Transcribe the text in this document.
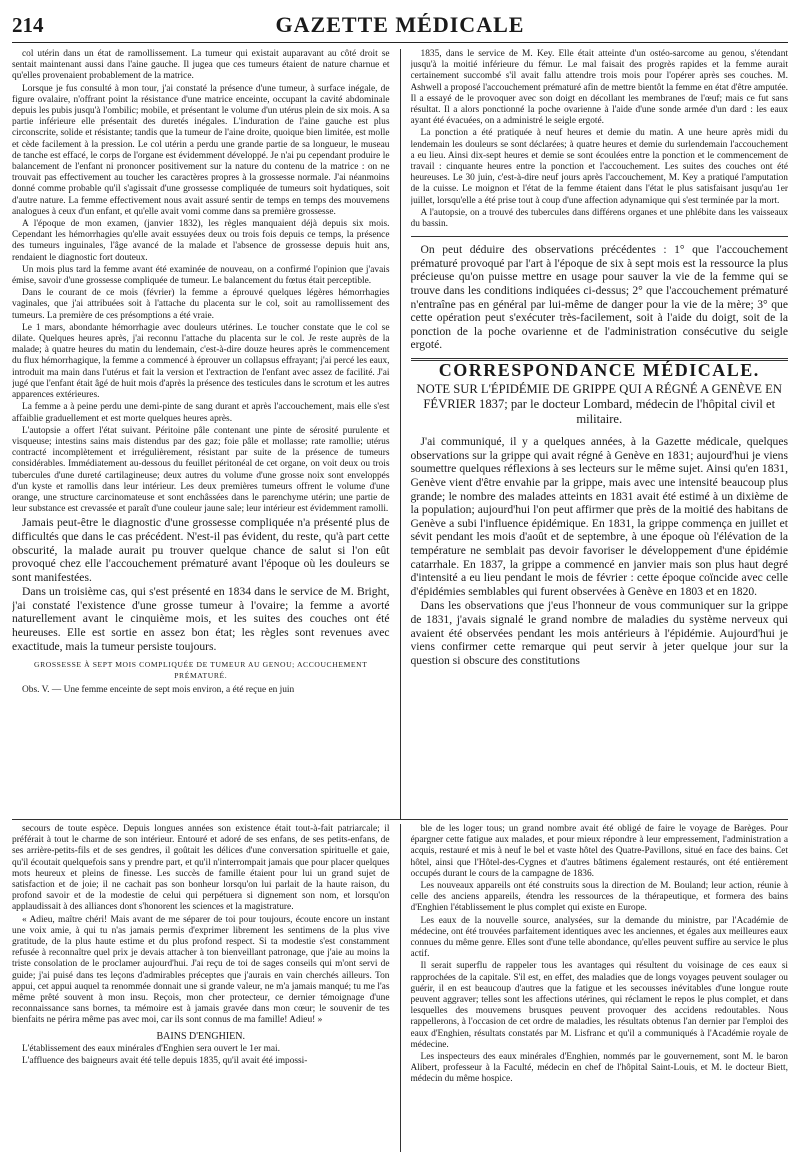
214	GAZETTE MÉDICALE

col utérin dans un état de ramollissement. La tumeur qui existait auparavant au côté droit se sentait maintenant aussi dans l'aine gauche. Il jugea que ces tumeurs étaient de nature charnue et qu'elles provenaient probablement de la matrice.

Lorsque je fus consulté à mon tour, j'ai constaté la présence d'une tumeur, à surface inégale, de figure ovalaire, n'offrant point la résistance d'une matrice enceinte, occupant la cavité abdominale depuis les pubis jusqu'à l'ombilic; mobile, et présentant le volume d'un utérus plein de six mois. A sa partie inférieure elle présentait des duretés inégales. L'induration de l'aine gauche est plus circonscrite, solide et résistante; tandis que la tumeur de l'aine droite, quoique bien limitée, est molle et cède facilement à la pression. Le col utérin a perdu une grande partie de sa longueur, le museau de tanche est effacé, le corps de l'organe est évidemment développé. Je n'ai pu cependant produire le balancement de l'enfant ni prononcer positivement sur la nature du contenu de la matrice : on ne trouvait pas effectivement au toucher les caractères propres à la grossesse normale. J'ai néanmoins donné comme probable qu'il s'agissait d'une grossesse compliquée de tumeurs soit hydatiques, soit d'autre nature. La femme effectivement nous avait assuré sentir de temps en temps des mouvemens analogues à ceux d'un enfant, et qu'elle avait vomi comme dans sa première grossesse.

A l'époque de mon examen, (janvier 1832), les règles manquaient déjà depuis six mois. Cependant les hémorrhagies qu'elle avait essuyées deux ou trois fois depuis ce temps, la présence des tumeurs inguinales, l'âge avancé de la malade et l'absence de grossesse depuis huit ans, rendaient le diagnostic fort douteux.

Un mois plus tard la femme avant été examinée de nouveau, on a confirmé l'opinion que j'avais émise, savoir d'une grossesse compliquée de tumeur. Le balancement du fœtus était perceptible.

Dans le courant de ce mois (février) la femme a éprouvé quelques légères hémorrhagies vaginales, que j'ai attribuées soit à l'attache du placenta sur le col, soit au ramollissement des tumeurs. La première de ces présomptions a été vraie.

Le 1 mars, abondante hémorrhagie avec douleurs utérines. Le toucher constate que le col se dilate. Quelques heures après, j'ai reconnu l'attache du placenta sur le col. Je reste auprès de la malade; à quatre heures du matin du lendemain, c'est-à-dire douze heures après le commencement du flux hémorrhagique, la femme a commencé à éprouver un collapsus effrayant; j'ai percé les eaux, introduit ma main dans l'utérus et fait la version et l'extraction de l'enfant avec assez de facilité. J'ai jugé que l'enfant était âgé de huit mois d'après la présence des testicules dans le scrotum et les autres apparences extérieures.

La femme a à peine perdu une demi-pinte de sang durant et après l'accouchement, mais elle s'est affaiblie graduellement et est morte quelques heures après.

L'autopsie a offert l'état suivant. Péritoine pâle contenant une pinte de sérosité purulente et visqueuse; intestins sains mais distendus par des gaz; foie pâle et mollasse; rate ramollie; utérus contracté incomplètement et irrégulièrement, résistant par suite de la présence de tumeurs considérables. Immédiatement au-dessous du feuillet péritonéal de cet organe, on voit deux ou trois tubercules d'une dureté cartilagineuse; deux autres du volume d'une grosse noix sont enveloppés d'un kyste et ramollis dans leur intérieur. Les deux premières tumeurs offrent le volume d'une orange, une structure carcinomateuse et sont enchâssées dans le parenchyme utérin; une partie de leur substance est crevassée et paraît d'une couleur jaune sale; leur intérieur est évidemment ramolli.

Jamais peut-être le diagnostic d'une grossesse compliquée n'a présenté plus de difficultés que dans le cas précédent. N'est-il pas évident, du reste, qu'à part cette obscurité, la malade aurait pu trouver quelque chance de salut si l'on eût provoqué chez elle l'accouchement prématuré avant l'époque où les douleurs se sont manifestées.

Dans un troisième cas, qui s'est présenté en 1834 dans le service de M. Bright, j'ai constaté l'existence d'une grosse tumeur à l'ovaire; la femme a avorté naturellement avant le cinquième mois, et les suites des couches ont été heureuses. Elle est sortie en assez bon état; les règles sont revenues avec exactitude, mais la tumeur persiste toujours.

GROSSESSE À SEPT MOIS COMPLIQUÉE DE TUMEUR AU GENOU; ACCOUCHEMENT PRÉMATURÉ.

Obs. V. — Une femme enceinte de sept mois environ, a été reçue en juin

1835, dans le service de M. Key. Elle était atteinte d'un ostéo-sarcome au genou, s'étendant jusqu'à la moitié inférieure du fémur. Le mal faisait des progrès rapides et la femme aurait certainement succombé s'il avait fallu attendre trois mois pour l'opérer après ses couches. M. Ashwell a proposé l'accouchement prématuré afin de mettre bientôt la femme en état d'être amputée. Il a essayé de le provoquer avec son doigt en décollant les membranes de l'œuf; mais ce fut sans résultat. Il a alors ponctionné la poche ovarienne à l'aide d'une sonde armée d'un dard : les eaux ayant été évacuées, on a administré le seigle ergoté.

La ponction a été pratiquée à neuf heures et demie du matin. A une heure après midi du lendemain les douleurs se sont déclarées; à quatre heures et demie du surlendemain l'accouchement a eu lieu. Ainsi dix-sept heures et demie se sont écoulées entre la ponction et le commencement de travail : cinquante heures entre la ponction et l'accouchement. Les suites des couches ont été heureuses. Le 30 juin, c'est-à-dire neuf jours après l'accouchement, M. Key a pratiqué l'amputation de la cuisse. Le moignon et l'état de la femme étaient dans l'état le plus satisfaisant jusqu'au 1er juillet, lorsqu'elle a été prise tout à coup d'une affection adynamique qui s'est terminée par la mort.

A l'autopsie, on a trouvé des tubercules dans différens organes et une phlébite dans les vaisseaux du bassin.

On peut déduire des observations précédentes : 1° que l'accouchement prématuré provoqué par l'art à l'époque de six à sept mois est la ressource la plus précieuse qu'on puisse mettre en usage pour sauver la vie de la femme qui se trouve dans les conditions indiquées ci-dessus; 2° que l'accouchement prématuré n'entraîne pas en général par lui-même de danger pour la vie de la mère; 3° que cette opération peut s'exécuter très-facilement, soit à l'aide du doigt, soit de la ponction de la poche ovarienne et de l'administration consécutive du seigle ergoté.

CORRESPONDANCE MÉDICALE.
NOTE SUR L'ÉPIDÉMIE DE GRIPPE QUI A RÉGNÉ A GENÈVE EN FÉVRIER 1837; par le docteur Lombard, médecin de l'hôpital civil et militaire.

J'ai communiqué, il y a quelques années, à la Gazette médicale, quelques observations sur la grippe qui avait régné à Genève en 1831; aujourd'hui je viens soumettre quelques réflexions à ses lecteurs sur le même sujet. Ainsi qu'en 1831, Genève vient d'être envahie par la grippe, mais avec une intensité beaucoup plus grande; le nombre des malades atteints en 1831 avait été estimé à un dixième de la population; aujourd'hui l'on peut affirmer que près de la moitié des habitans de Genève a subi l'influence épidémique. En 1831, la grippe commença en juillet et sévit pendant les mois d'août et de septembre, à une époque où l'élévation de la température ne semblait pas devoir favoriser le développement d'une épidémie catarrhale. En 1837, la grippe a commencé en janvier mais son plus haut degré d'intensité a eu lieu pendant le mois de février : cette époque coïncide avec celle d'épidémies semblables qui furent observées à Genève en 1803 et en 1820.

Dans les observations que j'eus l'honneur de vous communiquer sur la grippe de 1831, j'avais signalé le grand nombre de maladies du système nerveux qui avaient été observées pendant les mois antérieurs à l'épidémie. Aujourd'hui je viens confirmer cette remarque qui peut servir à jeter quelque jour sur la question si obscure des constitutions

secours de toute espèce. Depuis longues années son existence était tout-à-fait patriarcale; il préférait à tout le charme de son intérieur. Entouré et adoré de ses enfans, de ses petits-enfans, de ses arrière-petits-fils et de ses gendres, il goûtait les délices d'une conversation spirituelle et gaie, qu'il écoutait quelquefois sans y prendre part, et qu'il n'interrompait jamais que pour placer quelques mots heureux et pleins de finesse. Les succès de famille étaient pour lui un grand sujet de satisfaction et de joie; il ne cachait pas son bonheur lorsqu'on lui parlait de la haute raison, du profond savoir et de la modestie de celui qui perpétuera si dignement son nom, et lorsqu'on applaudissait à des alliances dont s'honorent les sciences et la magistrature.

« Adieu, maître chéri! Mais avant de me séparer de toi pour toujours, écoute encore un instant une voix amie, à qui tu n'as jamais permis d'exprimer librement les sentimens de la plus vive gratitude, de la plus haute estime et du plus profond respect. Si ta modestie s'est constamment refusée à reconnaître quel prix je devais attacher à ton bienveillant patronage, que j'aie au moins la triste consolation de le proclamer aujourd'hui. J'ai reçu de toi de sages conseils qui m'ont servi de guide; j'ai puisé dans tes leçons d'admirables préceptes que j'aurais en vain cherchés ailleurs. Ton appui, cet appui auquel ta renommée donnait une si grande valeur, ne m'a jamais manqué; tu me l'as même prêté souvent à mon insu. Reçois, mon cher protecteur, ce dernier témoignage d'une reconnaissance sans bornes, ta mémoire est à jamais gravée dans mon cœur; le souvenir de tes bienfaits ne périra même pas avec moi, car ils sont connus de ma famille! Adieu! »

BAINS D'ENGHIEN.

L'établissement des eaux minérales d'Enghien sera ouvert le 1er mai.

L'affluence des baigneurs avait été telle depuis 1835, qu'il avait été impossi-

ble de les loger tous; un grand nombre avait été obligé de faire le voyage de Barèges. Pour épargner cette fatigue aux malades, et pour mieux répondre à leur empressement, l'administration a acquis, restauré et mis à neuf le bel et vaste hôtel des Quatre-Pavillons, situé en face des bains. Cet hôtel, ainsi que l'Hôtel-des-Cygnes et d'autres bâtimens également restaurés, ont été entièrement occupés durant le cours de la campagne de 1836.

Les nouveaux appareils ont été construits sous la direction de M. Bouland; leur action, réunie à celle des anciens appareils, étendra les ressources de la thérapeutique, et formera des bains d'Enghien l'établissement le plus complet qui existe en Europe.

Les eaux de la nouvelle source, analysées, sur la demande du ministre, par l'Académie de médecine, ont été trouvées parfaitement identiques avec les anciennes, et égales aux meilleures eaux connues du même genre. Elles sont d'une telle abondance, qu'elles peuvent suffire au service le plus actif.

Il serait superflu de rappeler tous les avantages qui résultent du voisinage de ces eaux si rapprochées de la capitale. S'il est, en effet, des maladies que de longs voyages peuvent soulager ou guérir, il en est beaucoup d'autres que la fatigue et les secousses inévitables d'une longue route peuvent aggraver; telles sont les affections utérines, qui réclament le repos le plus complet, et dans lesquelles des mouvemens brusques peuvent provoquer des accidens redoutables. Nous rappellerons, à l'occasion de cet ordre de maladies, les résultats obtenus l'an dernier par l'emploi des eaux d'Enghien, résultats constatés par M. Lisfranc et qu'il a communiqués à l'Académie royale de médecine.

Les inspecteurs des eaux minérales d'Enghien, nommés par le gouvernement, sont M. le baron Alibert, professeur à la Faculté, médecin en chef de l'hôpital Saint-Louis, et M. le docteur Biett, médecin du même hospice.
